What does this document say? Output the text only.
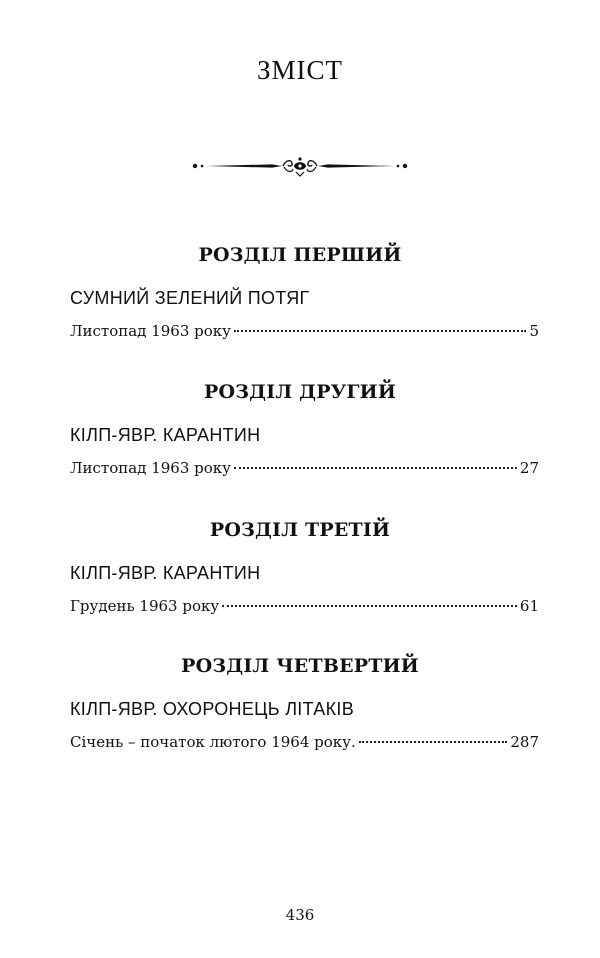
ЗМІСТ
РОЗДІЛ ПЕРШИЙ
СУМНИЙ ЗЕЛЕНИЙ ПОТЯГ
Листопад 1963 року	5
РОЗДІЛ ДРУГИЙ
КІЛП-ЯВР. КАРАНТИН
Листопад 1963 року	27
РОЗДІЛ ТРЕТІЙ
КІЛП-ЯВР. КАРАНТИН
Грудень 1963 року	61
РОЗДІЛ ЧЕТВЕРТИЙ
КІЛП-ЯВР. ОХОРОНЕЦЬ ЛІТАКІВ
Січень – початок лютого 1964 року.	287
436
